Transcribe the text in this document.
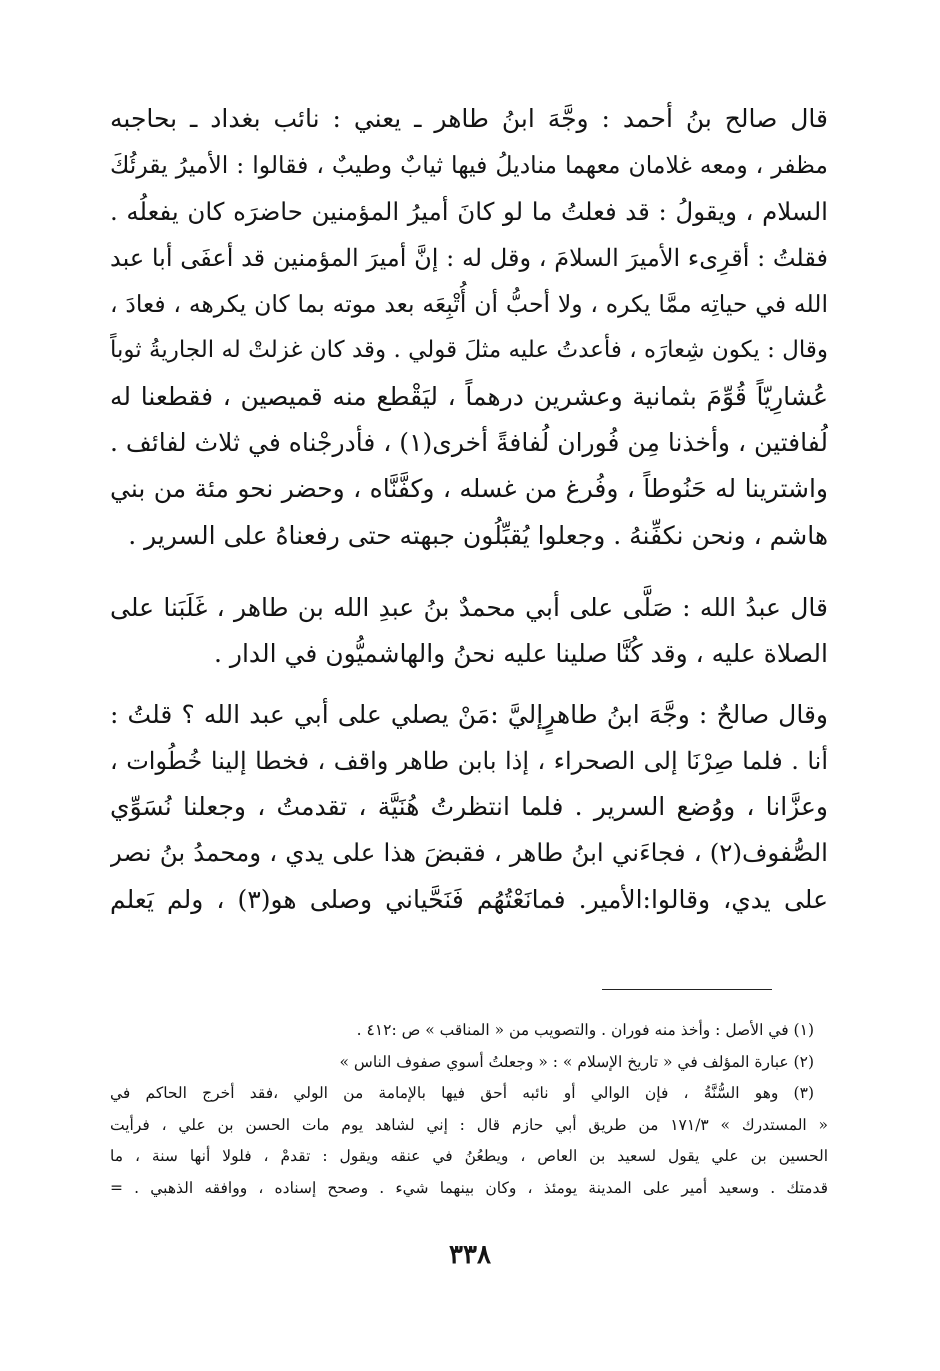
قال صالح بنُ أحمد : وجَّهَ ابنُ طاهر ـ يعني : نائب بغداد ـ بحاجبه
مظفر ، ومعه غلامان معهما مناديلُ فيها ثيابٌ وطيبٌ ، فقالوا : الأميرُ يقرئُكَ
السلام ، ويقولُ : قد فعلتُ ما لو كانَ أميرُ المؤمنين حاضرَه كان يفعلُه .
فقلتُ : أقرِىء الأميرَ السلامَ ، وقل له : إنَّ أميرَ المؤمنين قد أعفَى أبا عبد
الله في حياتِه ممَّا يكره ، ولا أحبُّ أن أُتْبِعَه بعد موته بما كان يكرهه ، فعادَ ،
وقال : يكون شِعارَه ، فأعدتُ عليه مثلَ قولي . وقد كان غزلتْ له الجاريةُ ثوباً
عُشارِيّاً قُوِّمَ بثمانية وعشرين درهماً ، ليَقْطع منه قميصين ، فقطعنا له
لُفافتين ، وأخذنا مِن فُوران لُفافةً أخرى(١) ، فأدرجْناه في ثلاث لفائف .
واشترينا له حَنُوطاً ، وفُرغ من غسله ، وكفَّنَّاه ، وحضر نحو مئة من بني
هاشم ، ونحن نكفِّنهُ . وجعلوا يُقبِّلُون جبهته حتى رفعناهُ على السرير .

قال عبدُ الله : صَلَّى على أبي محمدٌ بنُ عبدِ الله بن طاهر ، غَلَبَنا على
الصلاة عليه ، وقد كُنَّا صلينا عليه نحنُ والهاشميُّون في الدار .

وقال صالحٌ : وجَّهَ ابنُ طاهرٍإليَّ :مَنْ يصلي على أبي عبد الله ؟ قلتُ :
أنا . فلما صِرْنَا إلى الصحراء ، إذا بابن طاهر واقف ، فخطا إلينا خُطُوات ،
وعزَّانا ، ووُضع السرير . فلما انتظرتُ هُنَيَّة ، تقدمتُ ، وجعلنا نُسَوِّي
الصُّفوف(٢) ، فجاءَني ابنُ طاهر ، فقبضَ هذا على يدي ، ومحمدُ بنُ نصر
على يدي، وقالوا:الأمير. فمانَعْتُهُم فَنَحَّياني وصلى هو(٣) ، ولم يَعلم

(١) في الأصل : وأخذ منه فوران . والتصويب من « المناقب » ص :٤١٢ .
(٢) عبارة المؤلف في « تاريخ الإسلام » : « وجعلتُ أسوي صفوف الناس »
(٣) وهو السُّنَّةُ ، فإن الوالي أو نائبه أحق فيها بالإمامة من الولي ،فقد أخرج الحاكم في
« المستدرك » ١٧١/٣ من طريق أبي حازم قال : إني لشاهد يوم مات الحسن بن علي ، فرأيت
الحسين بن علي يقول لسعيد بن العاص ، ويطعُنُ في عنقه ويقول : تقدمْ ، فلولا أنها سنة ، ما
قدمتك . وسعيد أمير على المدينة يومئذ ، وكان بينهما شيء . وصحح إسناده ، ووافقه الذهبي . =
٣٣٨
